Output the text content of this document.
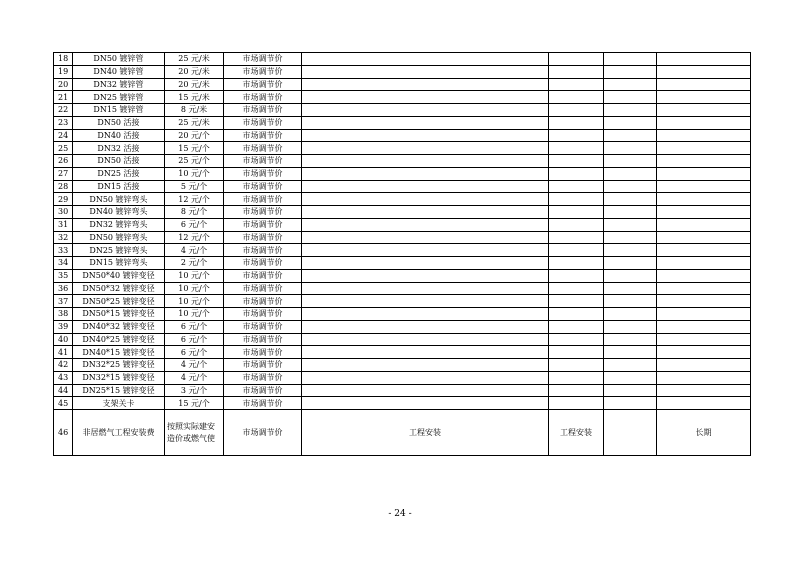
18	DN50 镀锌管	25 元/米	市场调节价				
19	DN40 镀锌管	20 元/米	市场调节价				
20	DN32 镀锌管	20 元/米	市场调节价				
21	DN25 镀锌管	15 元/米	市场调节价				
22	DN15 镀锌管	8 元/米	市场调节价				
23	DN50 活接	25 元/米	市场调节价				
24	DN40 活接	20 元/个	市场调节价				
25	DN32 活接	15 元/个	市场调节价				
26	DN50 活接	25 元/个	市场调节价				
27	DN25 活接	10 元/个	市场调节价				
28	DN15 活接	5 元/个	市场调节价				
29	DN50 镀锌弯头	12 元/个	市场调节价				
30	DN40 镀锌弯头	8 元/个	市场调节价				
31	DN32 镀锌弯头	6 元/个	市场调节价				
32	DN50 镀锌弯头	12 元/个	市场调节价				
33	DN25 镀锌弯头	4 元/个	市场调节价				
34	DN15 镀锌弯头	2 元/个	市场调节价				
35	DN50*40 镀锌变径	10 元/个	市场调节价				
36	DN50*32 镀锌变径	10 元/个	市场调节价				
37	DN50*25 镀锌变径	10 元/个	市场调节价				
38	DN50*15 镀锌变径	10 元/个	市场调节价				
39	DN40*32 镀锌变径	6 元/个	市场调节价				
40	DN40*25 镀锌变径	6 元/个	市场调节价				
41	DN40*15 镀锌变径	6 元/个	市场调节价				
42	DN32*25 镀锌变径	4 元/个	市场调节价				
43	DN32*15 镀锌变径	4 元/个	市场调节价				
44	DN25*15 镀锌变径	3 元/个	市场调节价				
45	支架关卡	15 元/个	市场调节价				
46	非居燃气工程安装费	按照实际建安造价或燃气使	市场调节价	工程安装	工程安装		长期
- 24 -
